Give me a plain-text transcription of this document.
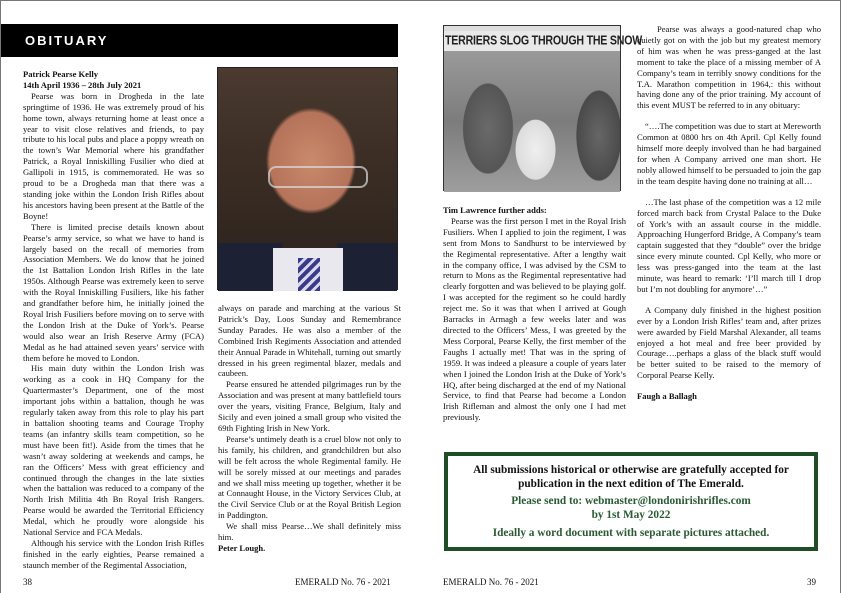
OBITUARY

Patrick Pearse Kelly

14th April 1936 – 28th July 2021

Pearse was born in Drogheda in the late springtime of 1936. He was extremely proud of his home town, always returning home at least once a year to visit close relatives and friends, to pay tribute to his local pubs and place a poppy wreath on the town’s War Memorial where his grandfather Patrick, a Royal Inniskilling Fusilier who died at Gallipoli in 1915, is commemorated. He was so proud to be a Drogheda man that there was a standing joke within the London Irish Rifles about his ancestors having been present at the Battle of the Boyne!

There is limited precise details known about Pearse’s army service, so what we have to hand is largely based on the recall of memories from Association Members. We do know that he joined the 1st Battalion London Irish Rifles in the late 1950s. Although Pearse was extremely keen to serve with the Royal Inniskilling Fusiliers, like his father and grandfather before him, he initially joined the Royal Irish Fusiliers before moving on to serve with the London Irish at the Duke of York’s. Pearse would also wear an Irish Reserve Army (FCA) Medal as he had attained seven years’ service with them before he moved to London.

His main duty within the London Irish was working as a cook in HQ Company for the Quartermaster’s Department, one of the most important jobs within a battalion, though he was regularly taken away from this role to play his part in battalion shooting teams and Courage Trophy teams (an infantry skills team competition, so he must have been fit!). Aside from the times that he wasn’t away soldering at weekends and camps, he ran the Officers’ Mess with great efficiency and continued through the changes in the late sixties when the battalion was reduced to a company of the North Irish Militia 4th Bn Royal Irish Rangers. Pearse would be awarded the Territorial Efficiency Medal, which he proudly wore alongside his National Service and FCA Medals.

Although his service with the London Irish Rifles finished in the early eighties, Pearse remained a staunch member of the Regimental Association,

always on parade and marching at the various St Patrick’s Day, Loos Sunday and Remembrance Sunday Parades. He was also a member of the Combined Irish Regiments Association and attended their Annual Parade in Whitehall, turning out smartly dressed in his green regimental blazer, medals and caubeen.

Pearse ensured he attended pilgrimages run by the Association and was present at many battlefield tours over the years, visiting France, Belgium, Italy and Sicily and even joined a small group who visited the 69th Fighting Irish in New York.

Pearse’s untimely death is a cruel blow not only to his family, his children, and grandchildren but also will be felt across the whole Regimental family. He will be sorely missed at our meetings and parades and we shall miss meeting up together, whether it be at Connaught House, in the Victory Services Club, at the Civil Service Club or at the Royal British Legion in Paddington.

We shall miss Pearse…We shall definitely miss him.

Peter Lough.

38	EMERALD No. 76 - 2021
TERRIERS SLOG THROUGH THE SNOW

Tim Lawrence further adds:

Pearse was the first person I met in the Royal Irish Fusiliers. When I applied to join the regiment, I was sent from Mons to Sandhurst to be interviewed by the Regimental representative. After a lengthy wait in the company office, I was advised by the CSM to return to Mons as the Regimental representative had clearly forgotten and was believed to be playing golf. I was accepted for the regiment so he could hardly reject me. So it was that when I arrived at Gough Barracks in Armagh a few weeks later and was directed to the Officers’ Mess, I was greeted by the Mess Corporal, Pearse Kelly, the first member of the Faughs I actually met! That was in the spring of 1959. It was indeed a pleasure a couple of years later when I joined the London Irish at the Duke of York’s HQ, after being discharged at the end of my National Service, to find that Pearse had become a London Irish Rifleman and almost the only one I had met previously.

Pearse was always a good-natured chap who quietly got on with the job but my greatest memory of him was when he was press-ganged at the last moment to take the place of a missing member of A Company’s team in terribly snowy conditions for the T.A. Marathon competition in 1964,: this without having done any of the prior training. My account of this event MUST be referred to in any obituary:

“….The competition was due to start at Mereworth Common at 0800 hrs on 4th April. Cpl Kelly found himself more deeply involved than he had bargained for when A Company arrived one man short. He nobly allowed himself to be persuaded to join the gap in the team despite having done no training at all…

…The last phase of the competition was a 12 mile forced march back from Crystal Palace to the Duke of York’s with an assault course in the middle. Approaching Hungerford Bridge, A Company’s team captain suggested that they “double” over the bridge since every minute counted. Cpl Kelly, who more or less was press-ganged into the team at the last minute, was heard to remark: ‘I’ll march till I drop but I’m not doubling for anymore’…”

A Company duly finished in the highest position ever by a London Irish Rifles’ team and, after prizes were awarded by Field Marshal Alexander, all teams enjoyed a hot meal and free beer provided by Courage….perhaps a glass of the black stuff would be better suited to be raised to the memory of Corporal Pearse Kelly.

Faugh a Ballagh

All submissions historical or otherwise are gratefully accepted for publication in the next edition of The Emerald.
Please send to: webmaster@londonirishrifles.com
by 1st May 2022
Ideally a word document with separate pictures attached.
EMERALD No. 76 - 2021	39
